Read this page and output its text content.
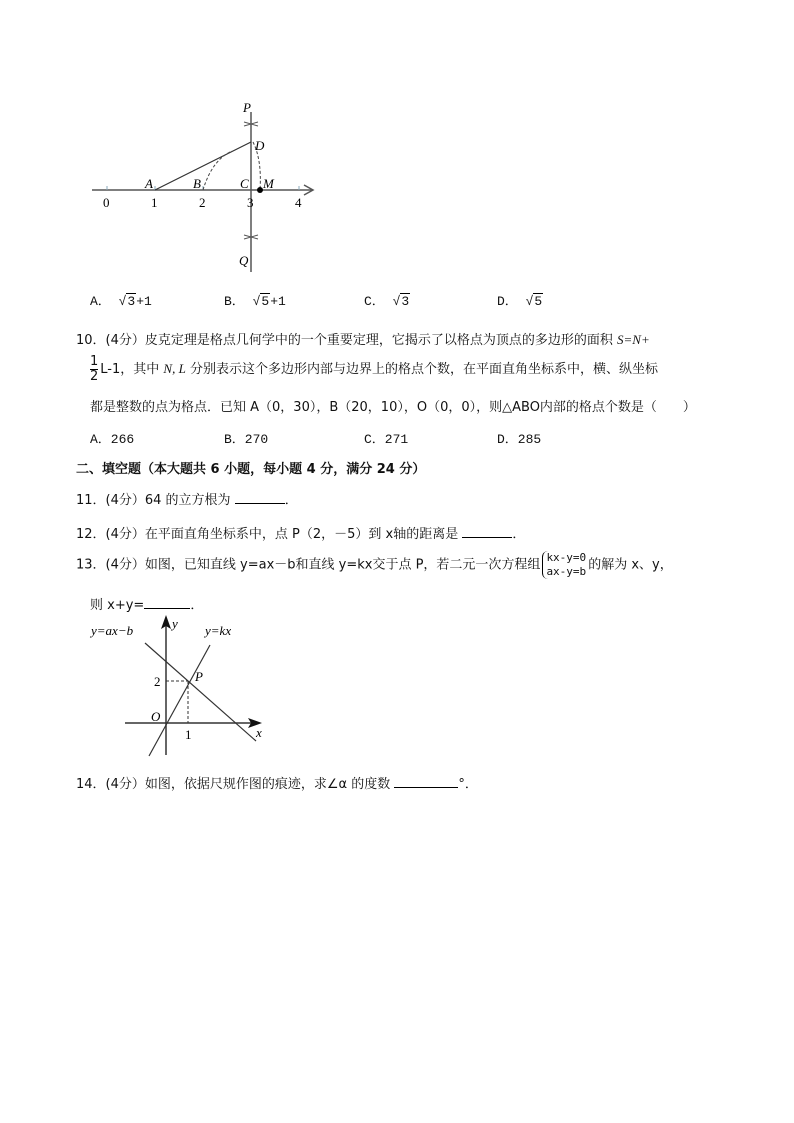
P
D
A	B	C M
Q
0	1	2	3	4
A． √3+1	B． √5+1	C． √3	D． √5
10．(4分）皮克定理是格点几何学中的一个重要定理，它揭示了以格点为顶点的多边形的面积 S=N+
$\frac{1}{2} L-1$，其中 N, L 分别表示这个多边形内部与边界上的格点个数，在平面直角坐标系中，横、纵坐标
都是整数的点为格点．已知 A（0，30），B（20，10），O（0，0），则△ABO内部的格点个数是（　　）
A．266	B．270	C．271	D．285
二、填空题（本大题共 6 小题，每小题 4 分，满分 24 分）
11．(4分）64 的立方根为	．
12．(4分）在平面直角坐标系中，点 P（2，－5）到 x轴的距离是	．
13．(4分）如图，已知直线 y=ax－b和直线 y=kx交于点 P，若二元一次方程组 kx-y=0
ax-y=b 的解为 x、y，
则 x+y=	．
y=ax−b	y=kx
y
x
P
O
2
1
14．(4分）如图，依据尺规作图的痕迹，求∠α 的度数	°．
